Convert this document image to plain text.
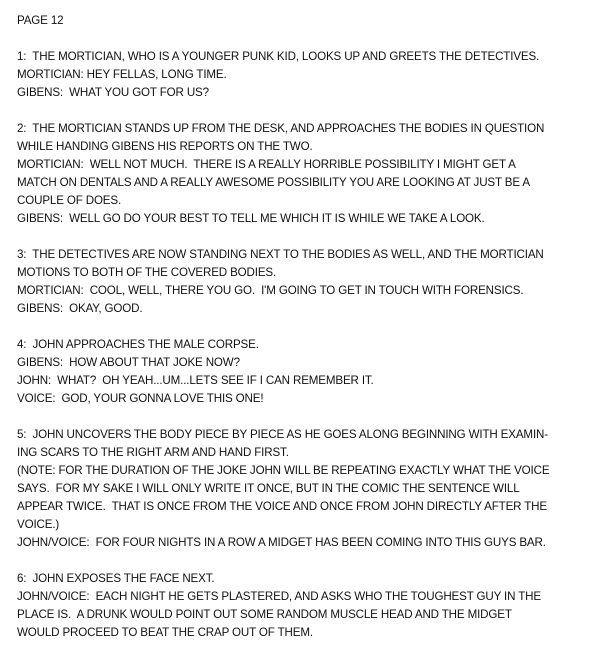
PAGE 12
1:  THE MORTICIAN, WHO IS A YOUNGER PUNK KID, LOOKS UP AND GREETS THE DETECTIVES.
MORTICIAN: HEY FELLAS, LONG TIME.
GIBENS:  WHAT YOU GOT FOR US?
2:  THE MORTICIAN STANDS UP FROM THE DESK, AND APPROACHES THE BODIES IN QUESTION
WHILE HANDING GIBENS HIS REPORTS ON THE TWO.
MORTICIAN:  WELL NOT MUCH.  THERE IS A REALLY HORRIBLE POSSIBILITY I MIGHT GET A
MATCH ON DENTALS AND A REALLY AWESOME POSSIBILITY YOU ARE LOOKING AT JUST BE A
COUPLE OF DOES.
GIBENS:  WELL GO DO YOUR BEST TO TELL ME WHICH IT IS WHILE WE TAKE A LOOK.
3:  THE DETECTIVES ARE NOW STANDING NEXT TO THE BODIES AS WELL, AND THE MORTICIAN
MOTIONS TO BOTH OF THE COVERED BODIES.
MORTICIAN:  COOL, WELL, THERE YOU GO.  I'M GOING TO GET IN TOUCH WITH FORENSICS.
GIBENS:  OKAY, GOOD.
4:  JOHN APPROACHES THE MALE CORPSE.
GIBENS:  HOW ABOUT THAT JOKE NOW?
JOHN:  WHAT?  OH YEAH...UM...LETS SEE IF I CAN REMEMBER IT.
VOICE:  GOD, YOUR GONNA LOVE THIS ONE!
5:  JOHN UNCOVERS THE BODY PIECE BY PIECE AS HE GOES ALONG BEGINNING WITH EXAMIN-
ING SCARS TO THE RIGHT ARM AND HAND FIRST.
(NOTE: FOR THE DURATION OF THE JOKE JOHN WILL BE REPEATING EXACTLY WHAT THE VOICE
SAYS.  FOR MY SAKE I WILL ONLY WRITE IT ONCE, BUT IN THE COMIC THE SENTENCE WILL
APPEAR TWICE.  THAT IS ONCE FROM THE VOICE AND ONCE FROM JOHN DIRECTLY AFTER THE
VOICE.)
JOHN/VOICE:  FOR FOUR NIGHTS IN A ROW A MIDGET HAS BEEN COMING INTO THIS GUYS BAR.
6:  JOHN EXPOSES THE FACE NEXT.
JOHN/VOICE:  EACH NIGHT HE GETS PLASTERED, AND ASKS WHO THE TOUGHEST GUY IN THE
PLACE IS.  A DRUNK WOULD POINT OUT SOME RANDOM MUSCLE HEAD AND THE MIDGET
WOULD PROCEED TO BEAT THE CRAP OUT OF THEM.
